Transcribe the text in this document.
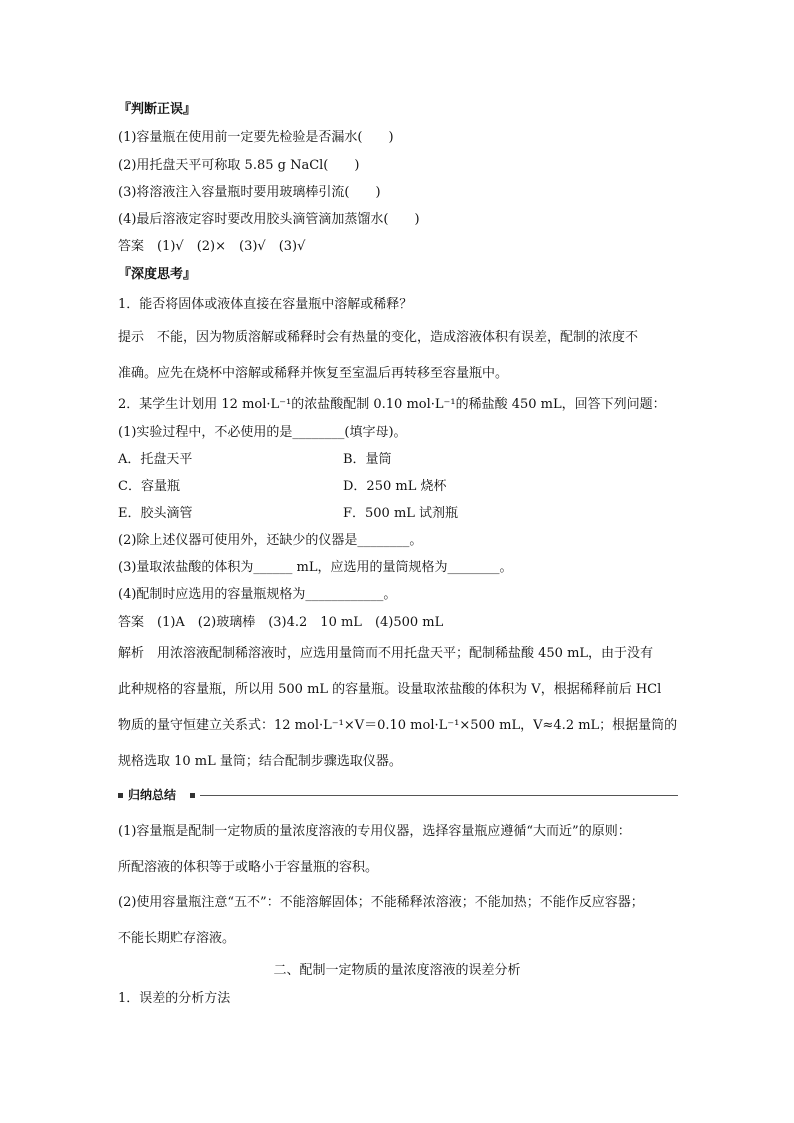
『判断正误』
(1)容量瓶在使用前一定要先检验是否漏水(　　)
(2)用托盘天平可称取 5.85 g NaCl(　　)
(3)将溶液注入容量瓶时要用玻璃棒引流(　　)
(4)最后溶液定容时要改用胶头滴管滴加蒸馏水(　　)
答案　(1)√　(2)×　(3)√　(3)√
『深度思考』
1．能否将固体或液体直接在容量瓶中溶解或稀释？
提示　不能，因为物质溶解或稀释时会有热量的变化，造成溶液体积有误差，配制的浓度不
准确。应先在烧杯中溶解或稀释并恢复至室温后再转移至容量瓶中。
2．某学生计划用 12 mol·L⁻¹的浓盐酸配制 0.10 mol·L⁻¹的稀盐酸 450 mL，回答下列问题：
(1)实验过程中，不必使用的是________(填字母)。
A．托盘天平	B．量筒
C．容量瓶	D．250 mL 烧杯
E．胶头滴管	F．500 mL 试剂瓶
(2)除上述仪器可使用外，还缺少的仪器是________。
(3)量取浓盐酸的体积为______ mL，应选用的量筒规格为________。
(4)配制时应选用的容量瓶规格为____________。
答案　(1)A　(2)玻璃棒　(3)4.2　10 mL　(4)500 mL
解析　用浓溶液配制稀溶液时，应选用量筒而不用托盘天平；配制稀盐酸 450 mL，由于没有
此种规格的容量瓶，所以用 500 mL 的容量瓶。设量取浓盐酸的体积为 V，根据稀释前后 HCl
物质的量守恒建立关系式：12 mol·L⁻¹×V＝0.10 mol·L⁻¹×500 mL，V≈4.2 mL；根据量筒的
规格选取 10 mL 量筒；结合配制步骤选取仪器。
归纳总结
(1)容量瓶是配制一定物质的量浓度溶液的专用仪器，选择容量瓶应遵循“大而近”的原则：
所配溶液的体积等于或略小于容量瓶的容积。
(2)使用容量瓶注意“五不”：不能溶解固体；不能稀释浓溶液；不能加热；不能作反应容器；
不能长期贮存溶液。
二、配制一定物质的量浓度溶液的误差分析
1．误差的分析方法
